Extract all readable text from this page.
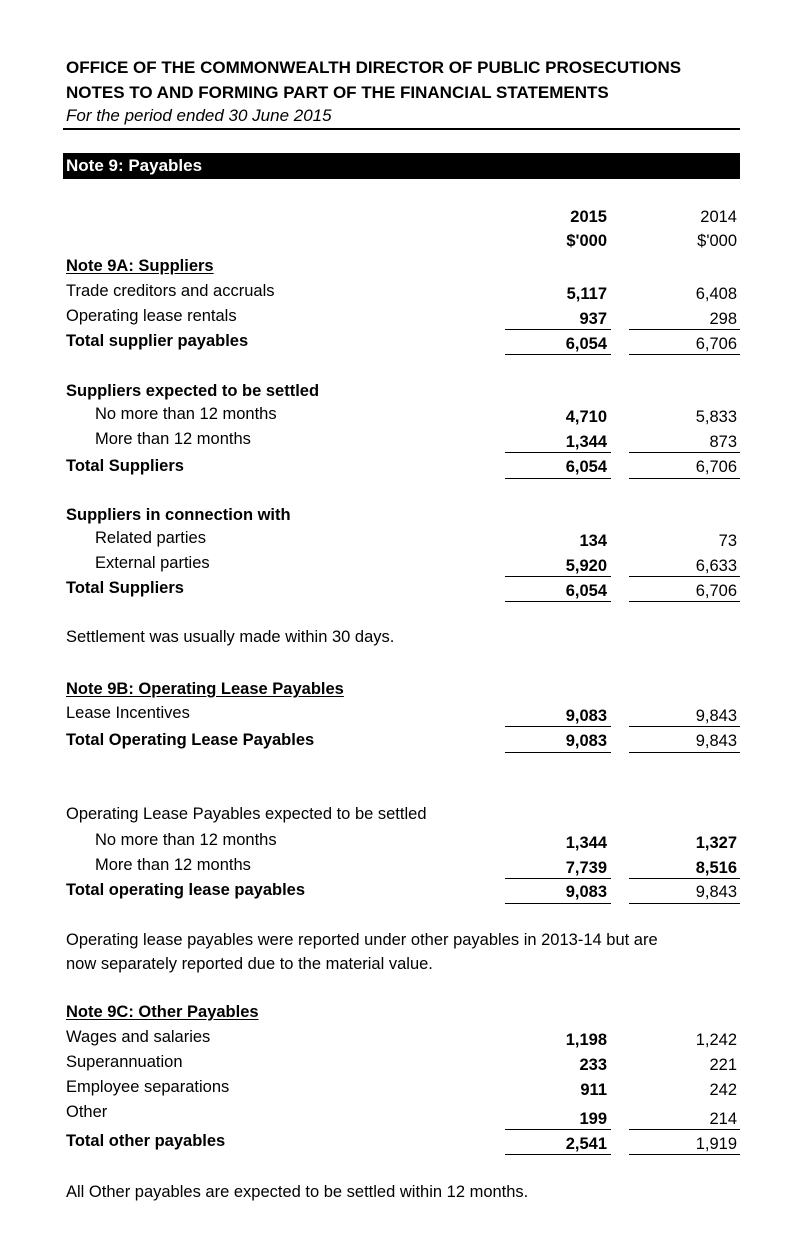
OFFICE OF THE COMMONWEALTH DIRECTOR OF PUBLIC PROSECUTIONS
NOTES TO AND FORMING PART OF THE FINANCIAL STATEMENTS
For the period ended 30 June 2015
Note 9: Payables
2015	2014
$'000	$'000
Note 9A: Suppliers
Trade creditors and accruals	5,117	6,408
Operating lease rentals	937	298
Total supplier payables	6,054	6,706
Suppliers expected to be settled
No more than 12 months	4,710	5,833
More than 12 months	1,344	873
Total Suppliers	6,054	6,706
Suppliers in connection with
Related parties	134	73
External parties	5,920	6,633
Total Suppliers	6,054	6,706
Settlement was usually made within 30 days.
Note 9B: Operating Lease Payables
Lease Incentives	9,083	9,843
Total Operating Lease Payables	9,083	9,843
Operating Lease Payables expected to be settled
No more than 12 months	1,344	1,327
More than 12 months	7,739	8,516
Total operating lease payables	9,083	9,843
Operating lease payables were reported under other payables in 2013-14 but are
now separately reported due to the material value.
Note 9C: Other Payables
Wages and salaries	1,198	1,242
Superannuation	233	221
Employee separations	911	242
Other	199	214
Total other payables	2,541	1,919
All Other payables are expected to be settled within 12 months.
